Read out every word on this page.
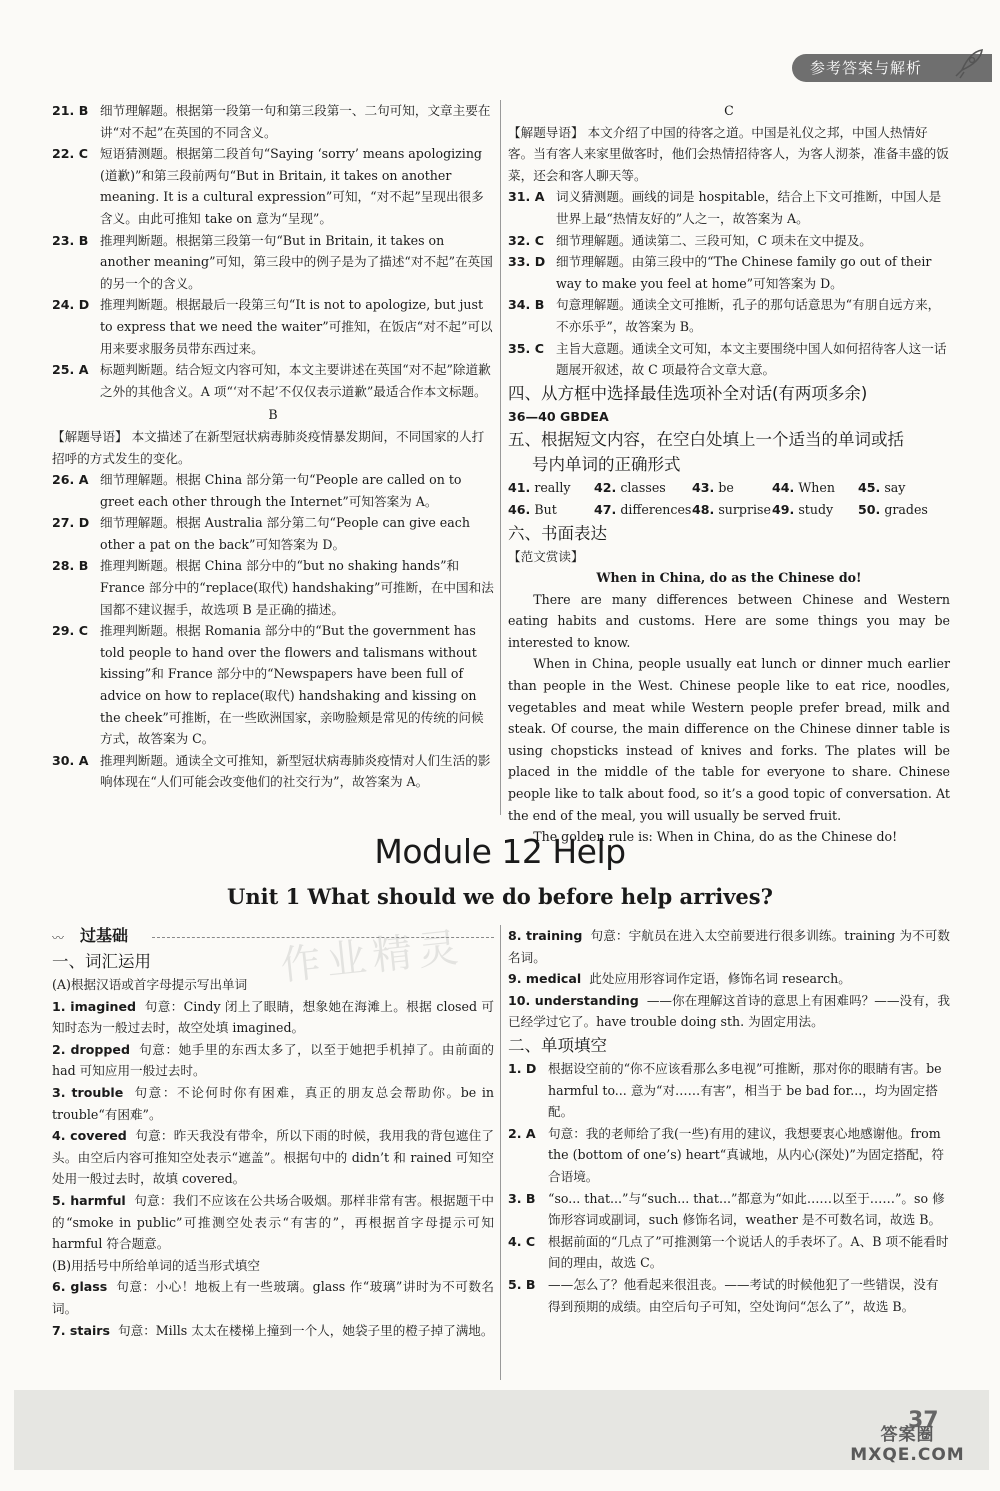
参考答案与解析
21. B 细节理解题。根据第一段第一句和第三段第一、二句可知，文章主要在讲“对不起”在英国的不同含义。
22. C 短语猜测题。根据第二段首句“Saying ‘sorry’ means apologizing (道歉)”和第三段前两句“But in Britain, it takes on another meaning. It is a cultural expression”可知，“对不起”呈现出很多含义。由此可推知 take on 意为“呈现”。
23. B 推理判断题。根据第三段第一句“But in Britain, it takes on another meaning”可知，第三段中的例子是为了描述“对不起”在英国的另一个的含义。
24. D 推理判断题。根据最后一段第三句“It is not to apologize, but just to express that we need the waiter”可推知，在饭店“对不起”可以用来要求服务员带东西过来。
25. A 标题判断题。结合短文内容可知，本文主要讲述在英国“对不起”除道歉之外的其他含义。A 项“‘对不起’不仅仅表示道歉”最适合作本文标题。
B
【解题导语】 本文描述了在新型冠状病毒肺炎疫情暴发期间，不同国家的人打招呼的方式发生的变化。
26. A 细节理解题。根据 China 部分第一句“People are called on to greet each other through the Internet”可知答案为 A。
27. D 细节理解题。根据 Australia 部分第二句“People can give each other a pat on the back”可知答案为 D。
28. B 推理判断题。根据 China 部分中的“but no shaking hands”和 France 部分中的“replace(取代) handshaking”可推断，在中国和法国都不建议握手，故选项 B 是正确的描述。
29. C 推理判断题。根据 Romania 部分中的“But the government has told people to hand over the flowers and talismans without kissing”和 France 部分中的“Newspapers have been full of advice on how to replace(取代) handshaking and kissing on the cheek”可推断，在一些欧洲国家，亲吻脸颊是常见的传统的问候方式，故答案为 C。
30. A 推理判断题。通读全文可推知，新型冠状病毒肺炎疫情对人们生活的影响体现在“人们可能会改变他们的社交行为”，故答案为 A。
C
【解题导语】 本文介绍了中国的待客之道。中国是礼仪之邦，中国人热情好客。当有客人来家里做客时，他们会热情招待客人，为客人沏茶，准备丰盛的饭菜，还会和客人聊天等。
31. A 词义猜测题。画线的词是 hospitable，结合上下文可推断，中国人是世界上最“热情友好的”人之一，故答案为 A。
32. C 细节理解题。通读第二、三段可知，C 项未在文中提及。
33. D 细节理解题。由第三段中的“The Chinese family go out of their way to make you feel at home”可知答案为 D。
34. B 句意理解题。通读全文可推断，孔子的那句话意思为“有朋自远方来，不亦乐乎”，故答案为 B。
35. C 主旨大意题。通读全文可知，本文主要围绕中国人如何招待客人这一话题展开叙述，故 C 项最符合文章大意。
四、从方框中选择最佳选项补全对话(有两项多余)
36—40 GBDEA
五、根据短文内容，在空白处填上一个适当的单词或括
号内单词的正确形式
41. really	42. classes	43. be	44. When	45. say
46. But	47. differences 48. surprise 49. study	50. grades
六、书面表达
【范文赏读】
When in China, do as the Chinese do!
There are many differences between Chinese and Western eating habits and customs. Here are some things you may be interested to know.
When in China, people usually eat lunch or dinner much earlier than people in the West. Chinese people like to eat rice, noodles, vegetables and meat while Western people prefer bread, milk and steak. Of course, the main difference on the Chinese dinner table is using chopsticks instead of knives and forks. The plates will be placed in the middle of the table for everyone to share. Chinese people like to talk about food, so it’s a good topic of conversation. At the end of the meal, you will usually be served fruit.
The golden rule is: When in China, do as the Chinese do!
Module 12 Help
Unit 1 What should we do before help arrives?
过基础
〰
一、词汇运用
(A)根据汉语或首字母提示写出单词
1. imagined 句意：Cindy 闭上了眼睛，想象她在海滩上。根据 closed 可知时态为一般过去时，故空处填 imagined。
2. dropped 句意：她手里的东西太多了，以至于她把手机掉了。由前面的 had 可知应用一般过去时。
3. trouble 句意：不论何时你有困难，真正的朋友总会帮助你。be in trouble“有困难”。
4. covered 句意：昨天我没有带伞，所以下雨的时候，我用我的背包遮住了头。由空后内容可推知空处表示“遮盖”。根据句中的 didn’t 和 rained 可知空处用一般过去时，故填 covered。
5. harmful 句意：我们不应该在公共场合吸烟。那样非常有害。根据题干中的“smoke in public”可推测空处表示“有害的”，再根据首字母提示可知 harmful 符合题意。
(B)用括号中所给单词的适当形式填空
6. glass 句意：小心！地板上有一些玻璃。glass 作“玻璃”讲时为不可数名词。
7. stairs 句意：Mills 太太在楼梯上撞到一个人，她袋子里的橙子掉了满地。
8. training 句意：宇航员在进入太空前要进行很多训练。training 为不可数名词。
9. medical 此处应用形容词作定语，修饰名词 research。
10. understanding ——你在理解这首诗的意思上有困难吗？——没有，我已经学过它了。have trouble doing sth. 为固定用法。
二、单项填空
1. D 根据设空前的“你不应该看那么多电视”可推断，那对你的眼睛有害。be harmful to... 意为“对……有害”，相当于 be bad for...，均为固定搭配。
2. A 句意：我的老师给了我(一些)有用的建议，我想要衷心地感谢他。from the (bottom of one’s) heart“真诚地，从内心(深处)”为固定搭配，符合语境。
3. B “so... that...”与“such... that...”都意为“如此……以至于……”。so 修饰形容词或副词，such 修饰名词，weather 是不可数名词，故选 B。
4. C 根据前面的“几点了”可推测第一个说话人的手表坏了。A、B 项不能看时间的理由，故选 C。
5. B ——怎么了？他看起来很沮丧。——考试的时候他犯了一些错误，没有得到预期的成绩。由空后句子可知，空处询问“怎么了”，故选 B。
作业精灵
37
答案圈 MXQE.COM
